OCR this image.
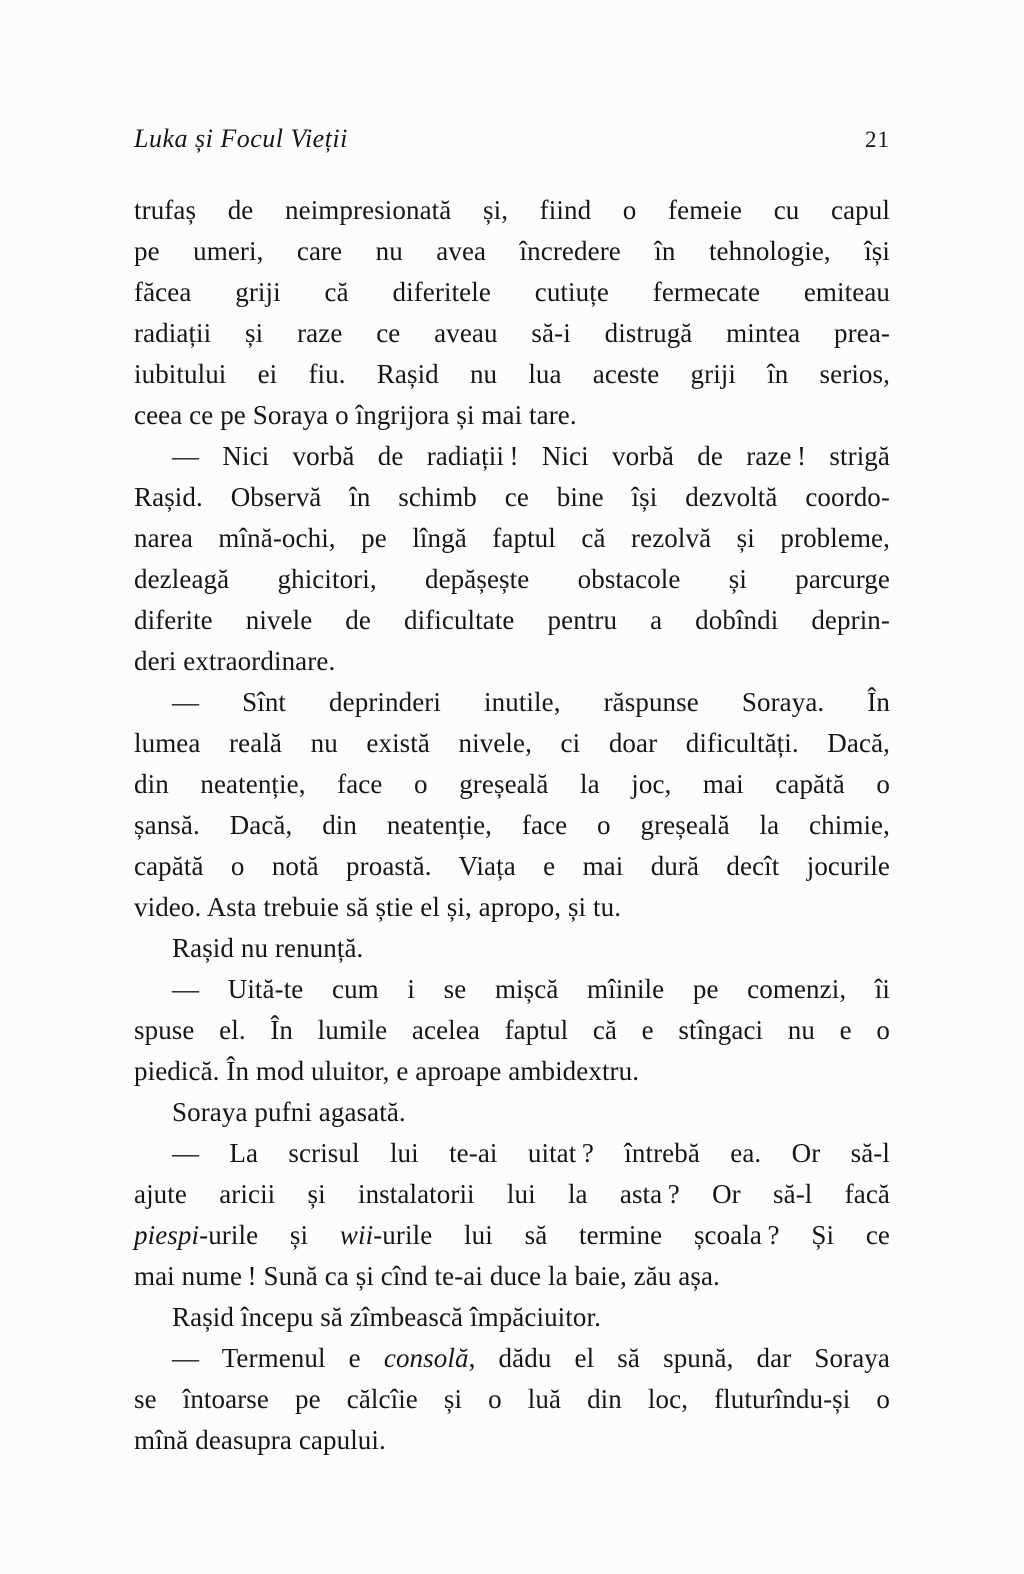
Luka și Focul Vieții	21
trufaș de neimpresionată și, fiind o femeie cu capul
pe umeri, care nu avea încredere în tehnologie, își
făcea griji că diferitele cutiuțe fermecate emiteau
radiații și raze ce aveau să-i distrugă mintea prea-
iubitului ei fiu. Rașid nu lua aceste griji în serios,
ceea ce pe Soraya o îngrijora și mai tare.
— Nici vorbă de radiații ! Nici vorbă de raze ! strigă
Rașid. Observă în schimb ce bine își dezvoltă coordo-
narea mînă-ochi, pe lîngă faptul că rezolvă și probleme,
dezleagă ghicitori, depășește obstacole și parcurge
diferite nivele de dificultate pentru a dobîndi deprin-
deri extraordinare.
— Sînt deprinderi inutile, răspunse Soraya. În
lumea reală nu există nivele, ci doar dificultăți. Dacă,
din neatenție, face o greșeală la joc, mai capătă o
șansă. Dacă, din neatenție, face o greșeală la chimie,
capătă o notă proastă. Viața e mai dură decît jocurile
video. Asta trebuie să știe el și, apropo, și tu.
Rașid nu renunță.
— Uită-te cum i se mișcă mîinile pe comenzi, îi
spuse el. În lumile acelea faptul că e stîngaci nu e o
piedică. În mod uluitor, e aproape ambidextru.
Soraya pufni agasată.
— La scrisul lui te-ai uitat ? întrebă ea. Or să-l
ajute aricii și instalatorii lui la asta ? Or să-l facă
piespi-urile și wii-urile lui să termine școala ? Și ce
mai nume ! Sună ca și cînd te-ai duce la baie, zău așa.
Rașid începu să zîmbească împăciuitor.
— Termenul e consolă, dădu el să spună, dar Soraya
se întoarse pe călcîie și o luă din loc, fluturîndu-și o
mînă deasupra capului.
